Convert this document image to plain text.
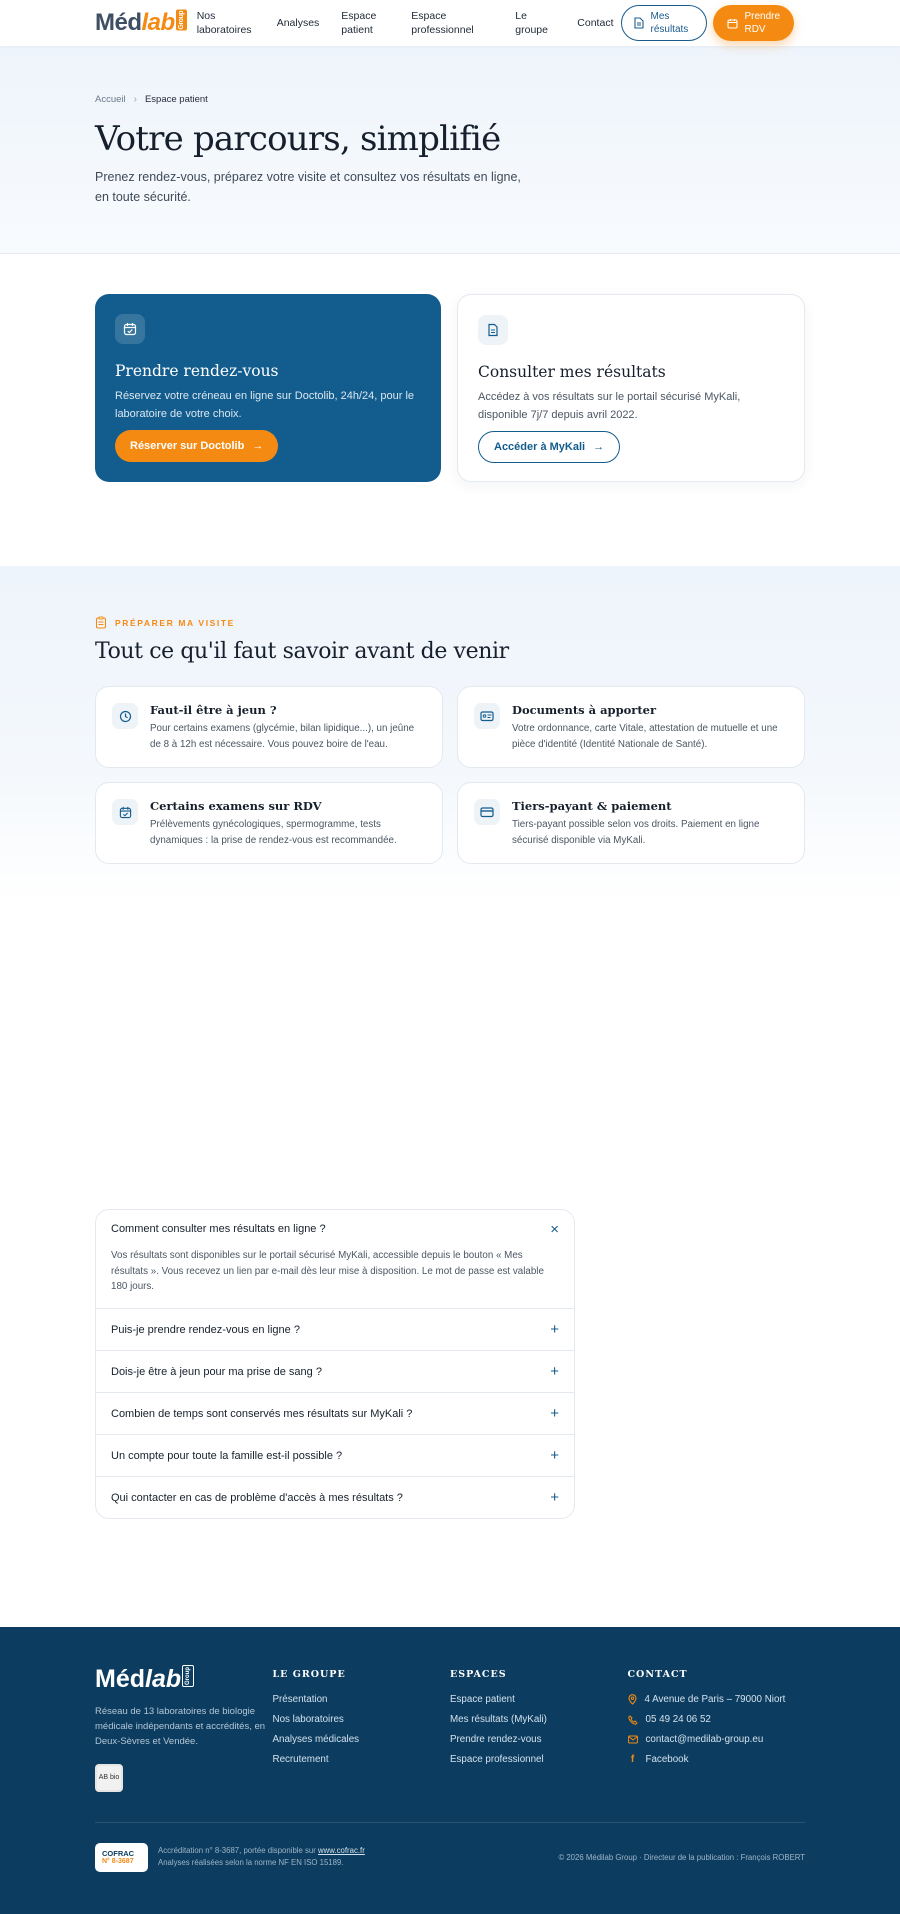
Méd lab Group Nos laboratoires
Analyses
Espace patient
Espace professionnel
Le groupe
Contact
Mes résultats
Prendre RDV
Accueil › Espace patient
Votre parcours, simplifié

Prenez rendez-vous, préparez votre visite et consultez vos résultats en ligne, en toute sécurité.

Prendre rendez-vous

Réservez votre créneau en ligne sur Doctolib, 24h/24, pour le laboratoire de votre choix.

Réserver sur Doctolib →
Consulter mes résultats

Accédez à vos résultats sur le portail sécurisé MyKali, disponible 7j/7 depuis avril 2022.

Accéder à MyKali →
PRÉPARER MA VISITE
Tout ce qu'il faut savoir avant de venir
Faut-il être à jeun ?

Pour certains examens (glycémie, bilan lipidique...), un jeûne de 8 à 12h est nécessaire. Vous pouvez boire de l'eau.

Documents à apporter

Votre ordonnance, carte Vitale, attestation de mutuelle et une pièce d'identité (Identité Nationale de Santé).

Certains examens sur RDV

Prélèvements gynécologiques, spermogramme, tests dynamiques : la prise de rendez-vous est recommandée.

Tiers-payant & paiement

Tiers-payant possible selon vos droits. Paiement en ligne sécurisé disponible via MyKali.

Comment consulter mes résultats en ligne ?	×
Vos résultats sont disponibles sur le portail sécurisé MyKali, accessible depuis le bouton « Mes résultats ». Vous recevez un lien par e-mail dès leur mise à disposition. Le mot de passe est valable 180 jours.
Puis-je prendre rendez-vous en ligne ?	+
Dois-je être à jeun pour ma prise de sang ?	+
Combien de temps sont conservés mes résultats sur MyKali ?	+
Un compte pour toute la famille est-il possible ?	+
Qui contacter en cas de problème d'accès à mes résultats ?	+
Méd lab Group

Réseau de 13 laboratoires de biologie médicale indépendants et accrédités, en Deux-Sèvres et Vendée.

AB bio
LE GROUPE
Présentation
Nos laboratoires
Analyses médicales
Recrutement
ESPACES
Espace patient
Mes résultats (MyKali)
Prendre rendez-vous
Espace professionnel
CONTACT
4 Avenue de Paris – 79000 Niort
05 49 24 06 52
contact@medilab-group.eu
f	Facebook
COFRAC
N° 8-3687
Accréditation n° 8-3687, portée disponible sur www.cofrac.fr
Analyses réalisées selon la norme NF EN ISO 15189.
© 2026 Médilab Group · Directeur de la publication : François ROBERT
